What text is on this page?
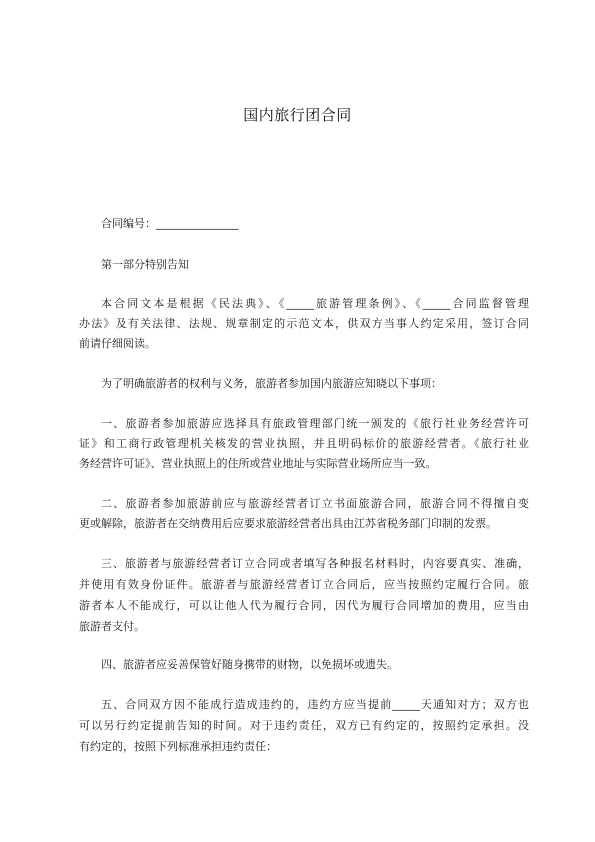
国内旅行团合同
合同编号：_______________
第一部分特别告知
本合同文本是根据《民法典》、《_____旅游管理条例》、《_____合同监督管理
办法》及有关法律、法规、规章制定的示范文本，供双方当事人约定采用，签订合同
前请仔细阅读。
为了明确旅游者的权利与义务，旅游者参加国内旅游应知晓以下事项：
一、旅游者参加旅游应选择具有旅政管理部门统一颁发的《旅行社业务经营许可
证》和工商行政管理机关核发的营业执照，并且明码标价的旅游经营者。《旅行社业
务经营许可证》、营业执照上的住所或营业地址与实际营业场所应当一致。
二、旅游者参加旅游前应与旅游经营者订立书面旅游合同，旅游合同不得擅自变
更或解除，旅游者在交纳费用后应要求旅游经营者出具由江苏省税务部门印制的发票。
三、旅游者与旅游经营者订立合同或者填写各种报名材料时，内容要真实、准确，
并使用有效身份证件。旅游者与旅游经营者订立合同后，应当按照约定履行合同。旅
游者本人不能成行，可以让他人代为履行合同，因代为履行合同增加的费用，应当由
旅游者支付。
四、旅游者应妥善保管好随身携带的财物，以免损坏或遗失。
五、合同双方因不能成行造成违约的，违约方应当提前_____天通知对方；双方也
可以另行约定提前告知的时间。对于违约责任，双方已有约定的，按照约定承担。没
有约定的，按照下列标准承担违约责任：
